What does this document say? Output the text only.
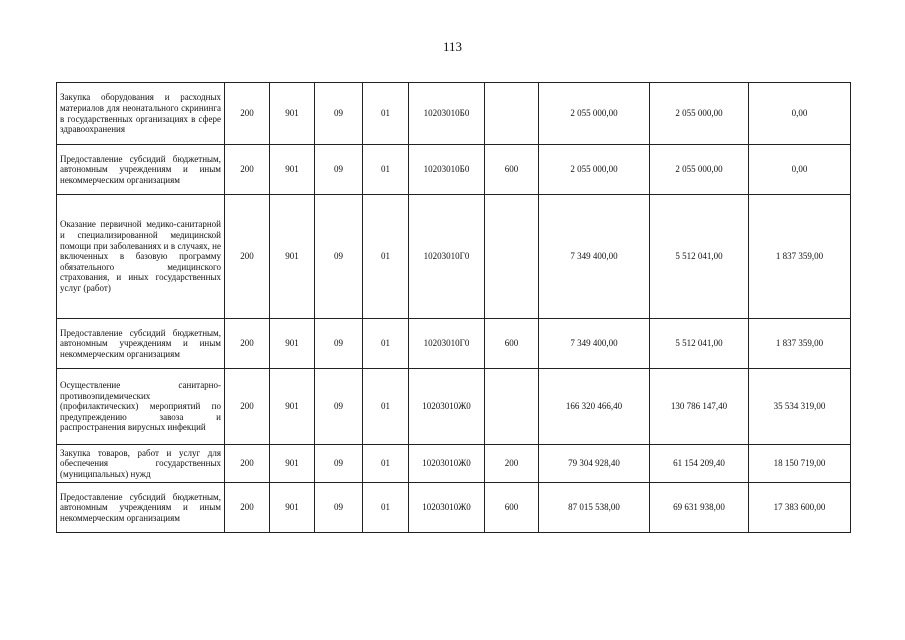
113
Закупка оборудования и расходных материалов для неонатального скрининга в государственных организациях в сфере здравоохранения	200	901	09	01	10203010Б0		2 055 000,00	2 055 000,00	0,00
Предоставление субсидий бюджетным, автономным учреждениям и иным некоммерческим организациям	200	901	09	01	10203010Б0	600	2 055 000,00	2 055 000,00	0,00
Оказание первичной медико-санитарной и специализированной медицинской помощи при заболеваниях и в случаях, не включенных в базовую программу обязательного медицинского страхования, и иных государственных услуг (работ)	200	901	09	01	10203010Г0		7 349 400,00	5 512 041,00	1 837 359,00
Предоставление субсидий бюджетным, автономным учреждениям и иным некоммерческим организациям	200	901	09	01	10203010Г0	600	7 349 400,00	5 512 041,00	1 837 359,00
Осуществление санитарно-противоэпидемических (профилактических) мероприятий по предупреждению завоза и распространения вирусных инфекций	200	901	09	01	10203010Ж0		166 320 466,40	130 786 147,40	35 534 319,00
Закупка товаров, работ и услуг для обеспечения государственных (муниципальных) нужд	200	901	09	01	10203010Ж0	200	79 304 928,40	61 154 209,40	18 150 719,00
Предоставление субсидий бюджетным, автономным учреждениям и иным некоммерческим организациям	200	901	09	01	10203010Ж0	600	87 015 538,00	69 631 938,00	17 383 600,00
